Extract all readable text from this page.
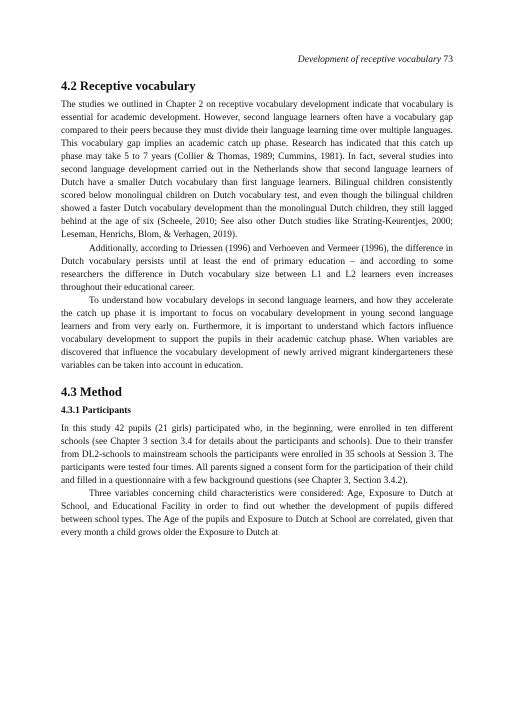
Development of receptive vocabulary 73
4.2 Receptive vocabulary

The studies we outlined in Chapter 2 on receptive vocabulary development indicate that vocabulary is essential for academic development. However, second language learners often have a vocabulary gap compared to their peers because they must divide their language learning time over multiple languages. This vocabulary gap implies an academic catch up phase. Research has indicated that this catch up phase may take 5 to 7 years (Collier & Thomas, 1989; Cummins, 1981). In fact, several studies into second language development carried out in the Netherlands show that second language learners of Dutch have a smaller Dutch vocabulary than first language learners. Bilingual children consistently scored below monolingual children on Dutch vocabulary test, and even though the bilingual children showed a faster Dutch vocabulary development than the monolingual Dutch children, they still lagged behind at the age of six (Scheele, 2010; See also other Dutch studies like Strating-Keurentjes, 2000; Leseman, Henrichs, Blom, & Verhagen, 2019).

Additionally, according to Driessen (1996) and Verhoeven and Vermeer (1996), the difference in Dutch vocabulary persists until at least the end of primary education – and according to some researchers the difference in Dutch vocabulary size between L1 and L2 learners even increases throughout their educational career.

To understand how vocabulary develops in second language learners, and how they accelerate the catch up phase it is important to focus on vocabulary development in young second language learners and from very early on. Furthermore, it is important to understand which factors influence vocabulary development to support the pupils in their academic catchup phase. When variables are discovered that influence the vocabulary development of newly arrived migrant kindergarteners these variables can be taken into account in education.

4.3 Method
4.3.1 Participants

In this study 42 pupils (21 girls) participated who, in the beginning, were enrolled in ten different schools (see Chapter 3 section 3.4 for details about the participants and schools). Due to their transfer from DL2-schools to mainstream schools the participants were enrolled in 35 schools at Session 3. The participants were tested four times. All parents signed a consent form for the participation of their child and filled in a questionnaire with a few background questions (see Chapter 3, Section 3.4.2).

Three variables concerning child characteristics were considered: Age, Exposure to Dutch at School, and Educational Facility in order to find out whether the development of pupils differed between school types. The Age of the pupils and Exposure to Dutch at School are correlated, given that every month a child grows older the Exposure to Dutch at
